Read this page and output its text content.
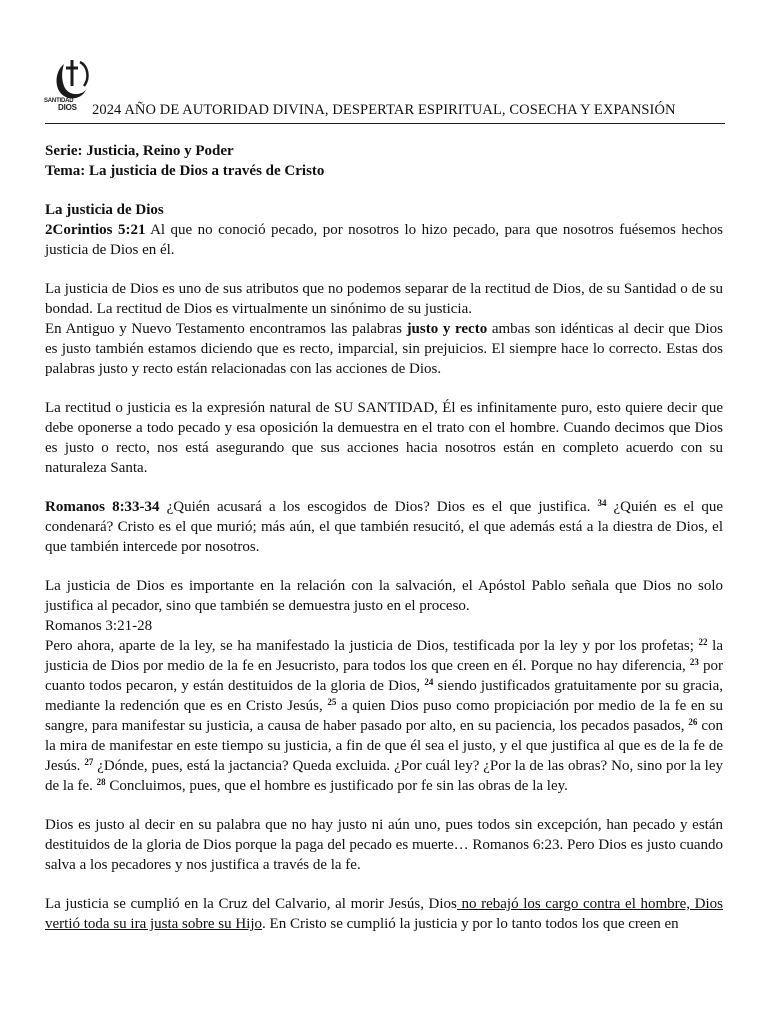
SANTIDAD
DIOS	2024 AÑO DE AUTORIDAD DIVINA, DESPERTAR ESPIRITUAL, COSECHA Y EXPANSIÓN

Serie: Justicia, Reino y Poder

Tema: La justicia de Dios a través de Cristo

La justicia de Dios

2Corintios 5:21 Al que no conoció pecado, por nosotros lo hizo pecado, para que nosotros fuésemos hechos justicia de Dios en él.

La justicia de Dios es uno de sus atributos que no podemos separar de la rectitud de Dios, de su Santidad o de su bondad. La rectitud de Dios es virtualmente un sinónimo de su justicia.

En Antiguo y Nuevo Testamento encontramos las palabras justo y recto ambas son idénticas al decir que Dios es justo también estamos diciendo que es recto, imparcial, sin prejuicios. El siempre hace lo correcto. Estas dos palabras justo y recto están relacionadas con las acciones de Dios.

La rectitud o justicia es la expresión natural de SU SANTIDAD, Él es infinitamente puro, esto quiere decir que debe oponerse a todo pecado y esa oposición la demuestra en el trato con el hombre. Cuando decimos que Dios es justo o recto, nos está asegurando que sus acciones hacia nosotros están en completo acuerdo con su naturaleza Santa.

Romanos 8:33-34 ¿Quién acusará a los escogidos de Dios? Dios es el que justifica. $^{34}$ ¿Quién es el que condenará? Cristo es el que murió; más aún, el que también resucitó, el que además está a la diestra de Dios, el que también intercede por nosotros.

La justicia de Dios es importante en la relación con la salvación, el Apóstol Pablo señala que Dios no solo justifica al pecador, sino que también se demuestra justo en el proceso.

Romanos 3:21-28

Pero ahora, aparte de la ley, se ha manifestado la justicia de Dios, testificada por la ley y por los profetas; $^{22}$ la justicia de Dios por medio de la fe en Jesucristo, para todos los que creen en él. Porque no hay diferencia, $^{23}$ por cuanto todos pecaron, y están destituidos de la gloria de Dios, $^{24}$ siendo justificados gratuitamente por su gracia, mediante la redención que es en Cristo Jesús, $^{25}$ a quien Dios puso como propiciación por medio de la fe en su sangre, para manifestar su justicia, a causa de haber pasado por alto, en su paciencia, los pecados pasados, $^{26}$ con la mira de manifestar en este tiempo su justicia, a fin de que él sea el justo, y el que justifica al que es de la fe de Jesús. $^{27}$ ¿Dónde, pues, está la jactancia? Queda excluida. ¿Por cuál ley? ¿Por la de las obras? No, sino por la ley de la fe. $^{28}$ Concluimos, pues, que el hombre es justificado por fe sin las obras de la ley.

Dios es justo al decir en su palabra que no hay justo ni aún uno, pues todos sin excepción, han pecado y están destituidos de la gloria de Dios porque la paga del pecado es muerte… Romanos 6:23. Pero Dios es justo cuando salva a los pecadores y nos justifica a través de la fe.

La justicia se cumplió en la Cruz del Calvario, al morir Jesús, Dios no rebajó los cargo contra el hombre, Dios vertió toda su ira justa sobre su Hijo. En Cristo se cumplió la justicia y por lo tanto todos los que creen en
